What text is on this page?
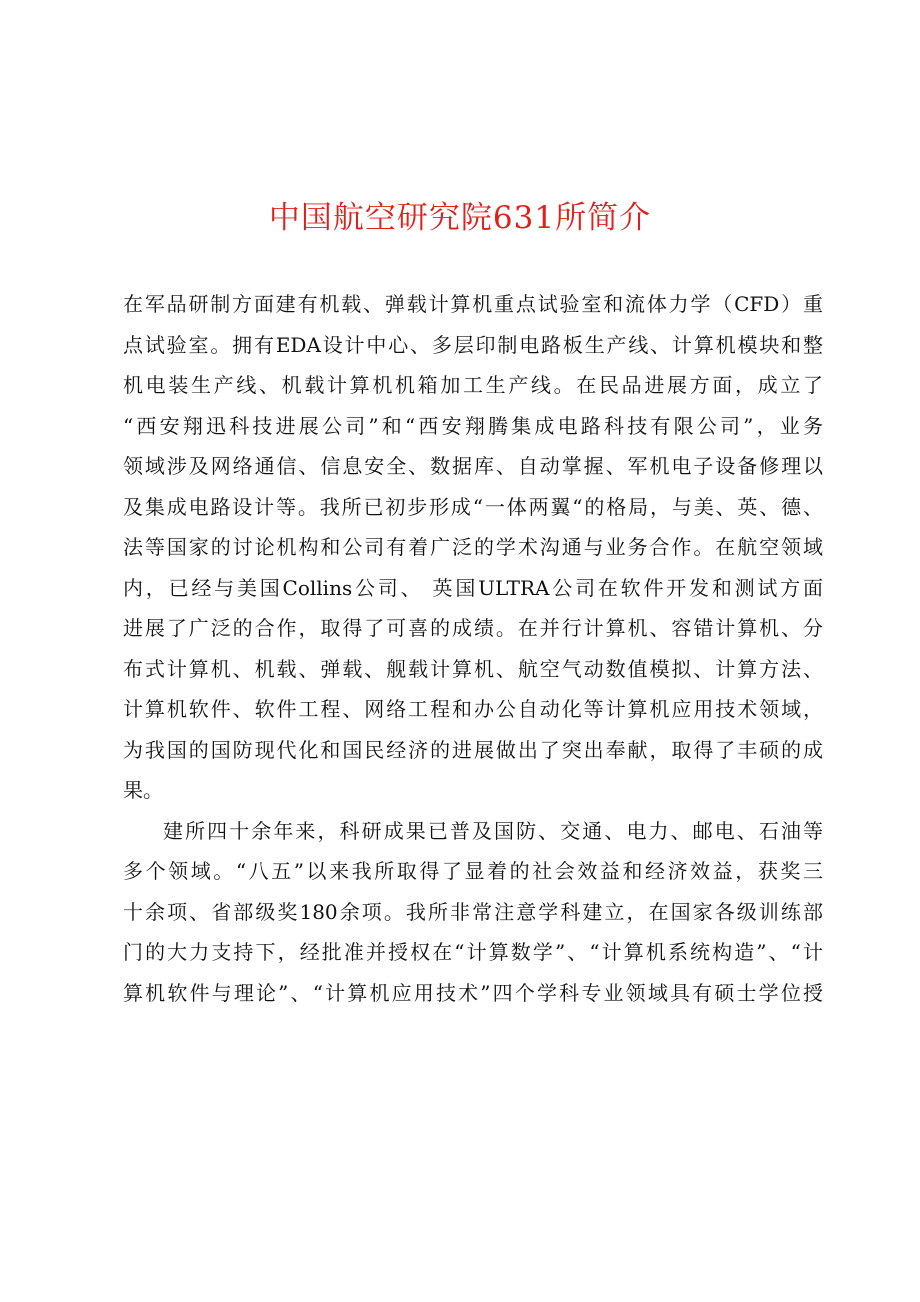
中国航空研究院631所简介
在军品研制方面建有机载、弹载计算机重点试验室和流体力学（CFD）重
点试验室。拥有EDA设计中心、多层印制电路板生产线、计算机模块和整
机电装生产线、机载计算机机箱加工生产线。在民品进展方面，成立了
“西安翔迅科技进展公司”和“西安翔腾集成电路科技有限公司”，业务
领域涉及网络通信、信息安全、数据库、自动掌握、军机电子设备修理以
及集成电路设计等。我所已初步形成“一体两翼“的格局，与美、英、德、
法等国家的讨论机构和公司有着广泛的学术沟通与业务合作。在航空领域
内，已经与美国Collins公司、 英国ULTRA公司在软件开发和测试方面
进展了广泛的合作，取得了可喜的成绩。在并行计算机、容错计算机、分
布式计算机、机载、弹载、舰载计算机、航空气动数值模拟、计算方法、
计算机软件、软件工程、网络工程和办公自动化等计算机应用技术领域，
为我国的国防现代化和国民经济的进展做出了突出奉献，取得了丰硕的成
果。
建所四十余年来，科研成果已普及国防、交通、电力、邮电、石油等
多个领域。“八五”以来我所取得了显着的社会效益和经济效益，获奖三
十余项、省部级奖180余项。我所非常注意学科建立，在国家各级训练部
门的大力支持下，经批准并授权在“计算数学”、“计算机系统构造”、“计
算机软件与理论”、“计算机应用技术”四个学科专业领域具有硕士学位授
